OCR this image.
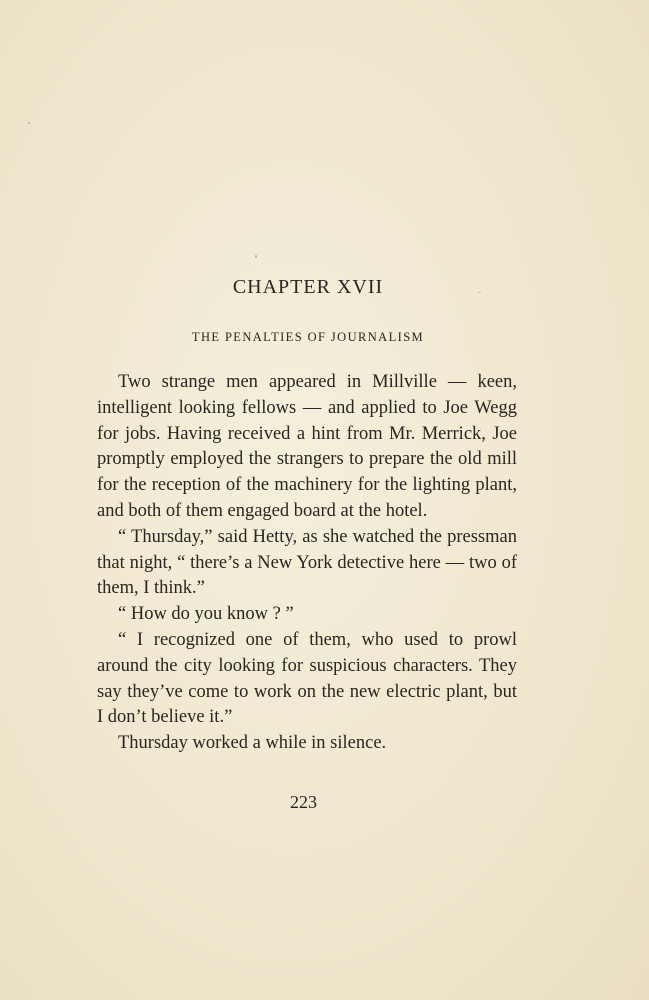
CHAPTER XVII
THE PENALTIES OF JOURNALISM

Two strange men appeared in Millville — keen, intelligent looking fellows — and applied to Joe Wegg for jobs. Having received a hint from Mr. Merrick, Joe promptly employed the strangers to prepare the old mill for the reception of the machinery for the lighting plant, and both of them engaged board at the hotel.

“ Thursday,” said Hetty, as she watched the pressman that night, “ there’s a New York detective here — two of them, I think.”

“ How do you know ? ”

“ I recognized one of them, who used to prowl around the city looking for suspicious characters. They say they’ve come to work on the new electric plant, but I don’t believe it.”

Thursday worked a while in silence.

223
